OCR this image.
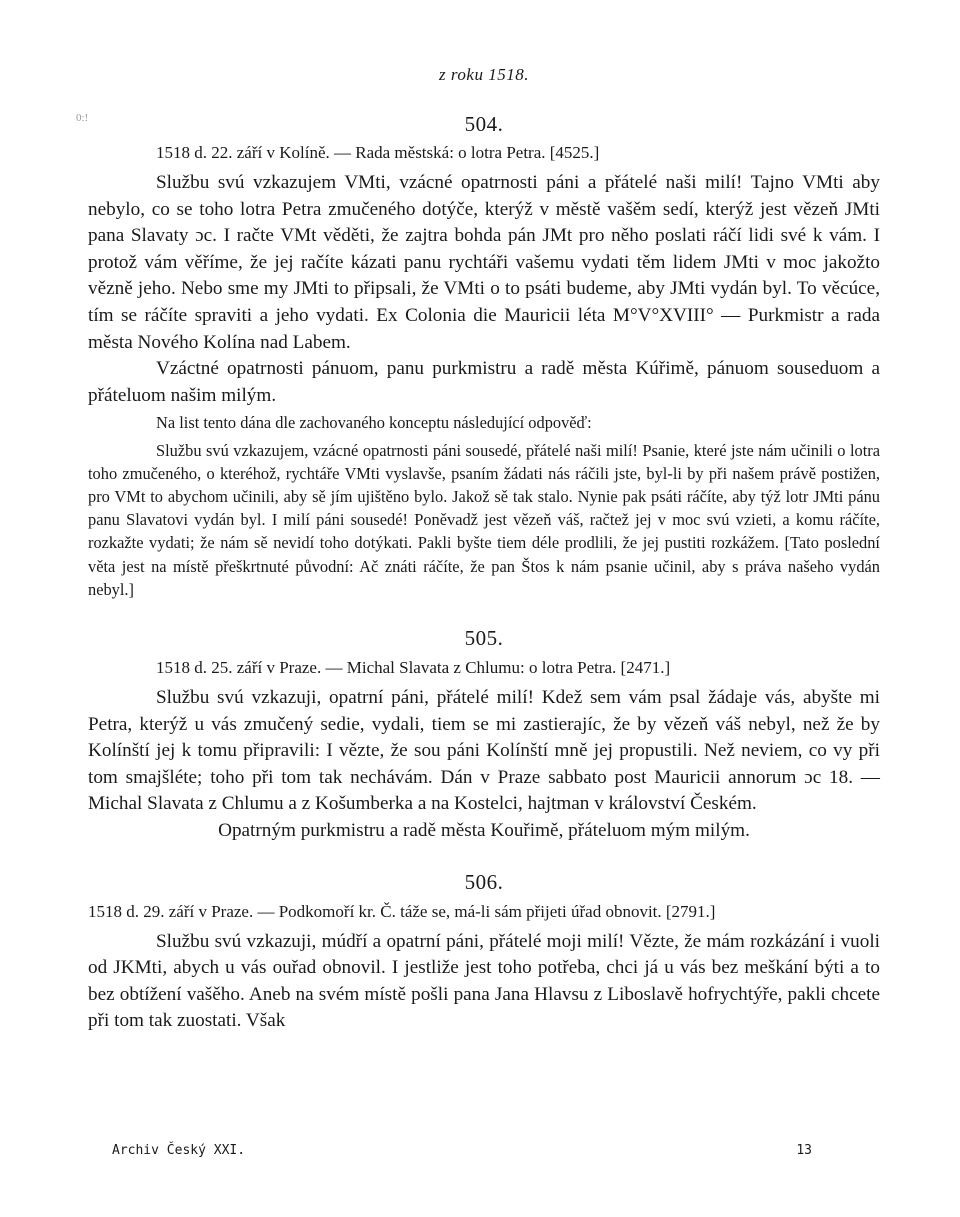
z roku 1518.
0:!	504.
1518 d. 22. září v Kolíně. — Rada městská: o lotra Petra. [4525.]

Službu svú vzkazujem VMti, vzácné opatrnosti páni a přátelé naši milí! Tajno VMti aby nebylo, co se toho lotra Petra zmučeného dotýče, kterýž v městě vašěm sedí, kterýž jest vězeň JMti pana Slavaty ɔc. I račte VMt věděti, že zajtra bohda pán JMt pro něho poslati ráčí lidi své k vám. I protož vám věříme, že jej račíte kázati panu rychtáři vašemu vydati těm lidem JMti v moc jakožto vězně jeho. Nebo sme my JMti to připsali, že VMti o to psáti budeme, aby JMti vydán byl. To věcúce, tím se ráčíte spraviti a jeho vydati. Ex Colonia die Mauricii léta M°V°XVIII° — Purkmistr a rada města Nového Kolína nad Labem.

Vzáctné opatrnosti pánuom, panu purkmistru a radě města Kúřimě, pánuom souseduom a přáteluom našim milým.

Na list tento dána dle zachovaného konceptu následující odpověď:

Službu svú vzkazujem, vzácné opatrnosti páni sousedé, přátelé naši milí! Psanie, které jste nám učinili o lotra toho zmučeného, o kteréhož, rychtáře VMti vyslavše, psaním žádati nás ráčili jste, byl-li by při našem právě postižen, pro VMt to abychom učinili, aby sě jím ujištěno bylo. Jakož sě tak stalo. Nynie pak psáti ráčíte, aby týž lotr JMti pánu panu Slavatovi vydán byl. I milí páni sousedé! Poněvadž jest vězeň váš, račtež jej v moc svú vzieti, a komu ráčíte, rozkažte vydati; že nám sě nevidí toho dotýkati. Pakli byšte tiem déle prodlili, že jej pustiti rozkážem. [Tato poslední věta jest na místě přeškrtnuté původní: Ač znáti ráčíte, že pan Štos k nám psanie učinil, aby s práva našeho vydán nebyl.]

505.
1518 d. 25. září v Praze. — Michal Slavata z Chlumu: o lotra Petra. [2471.]

Službu svú vzkazuji, opatrní páni, přátelé milí! Kdež sem vám psal žádaje vás, abyšte mi Petra, kterýž u vás zmučený sedie, vydali, tiem se mi zastierajíc, že by vězeň váš nebyl, než že by Kolínští jej k tomu připravili: I vězte, že sou páni Kolínští mně jej propustili. Než neviem, co vy při tom smajšléte; toho při tom tak nechávám. Dán v Praze sabbato post Mauricii annorum ɔc 18. — Michal Slavata z Chlumu a z Košumberka a na Kostelci, hajtman v království Českém.

Opatrným purkmistru a radě města Kouřimě, přáteluom mým milým.

506.
1518 d. 29. září v Praze. — Podkomoří kr. Č. táže se, má-li sám přijeti úřad obnovit. [2791.]

Službu svú vzkazuji, múdří a opatrní páni, přátelé moji milí! Vězte, že mám rozkázání i vuoli od JKMti, abych u vás ouřad obnovil. I jestliže jest toho potřeba, chci já u vás bez meškání býti a to bez obtížení vašěho. Aneb na svém místě pošli pana Jana Hlavsu z Liboslavě hofrychtýře, pakli chcete při tom tak zuostati. Však

Archiv Český XXI.	13
